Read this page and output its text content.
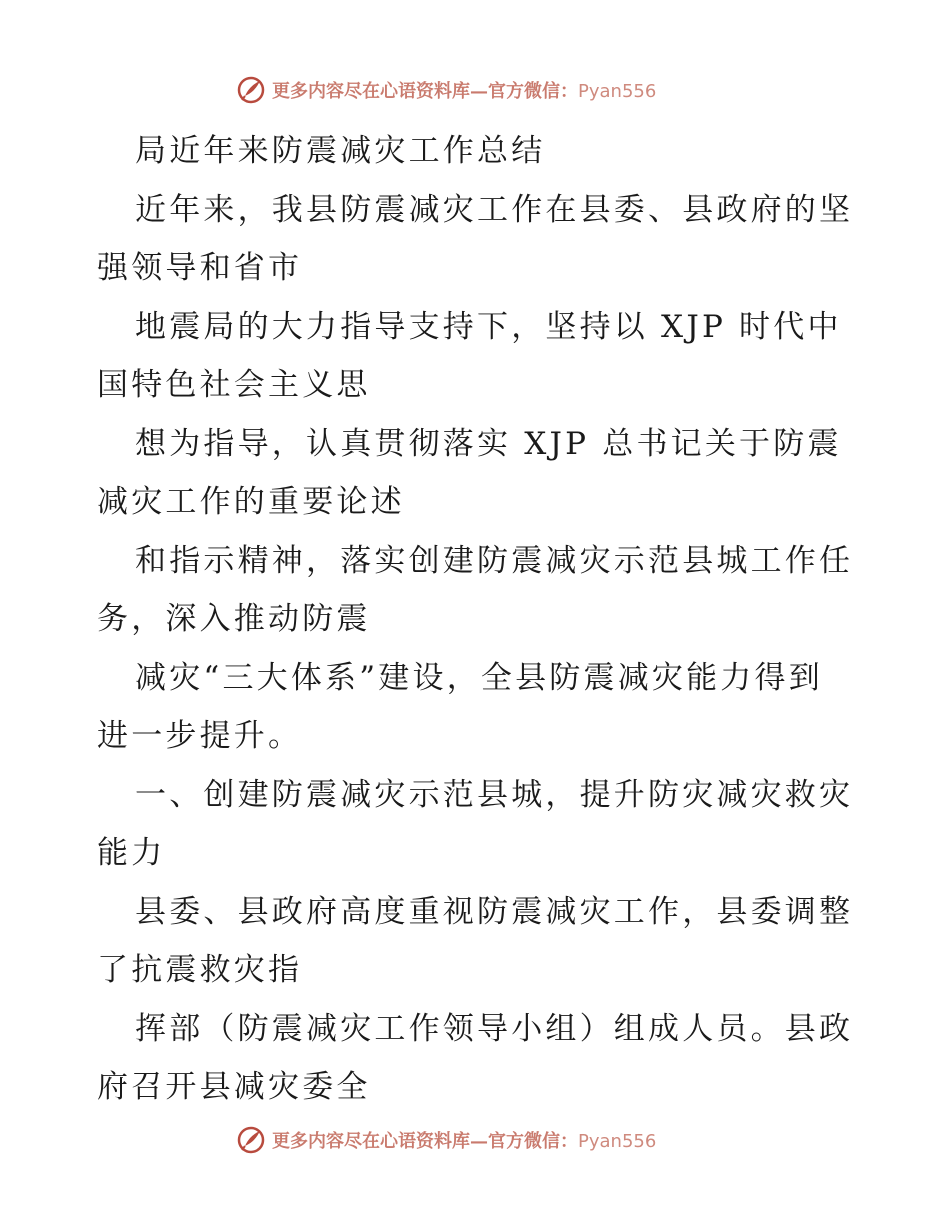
更多内容尽在心语资料库—官方微信：Pyan556
局近年来防震减灾工作总结
近年来，我县防震减灾工作在县委、县政府的坚
强领导和省市
地震局的大力指导支持下，坚持以 XJP 时代中
国特色社会主义思
想为指导，认真贯彻落实 XJP 总书记关于防震
减灾工作的重要论述
和指示精神，落实创建防震减灾示范县城工作任
务，深入推动防震
减灾“三大体系”建设，全县防震减灾能力得到
进一步提升。
一、创建防震减灾示范县城，提升防灾减灾救灾
能力
县委、县政府高度重视防震减灾工作，县委调整
了抗震救灾指
挥部（防震减灾工作领导小组）组成人员。县政
府召开县减灾委全
更多内容尽在心语资料库—官方微信：Pyan556
